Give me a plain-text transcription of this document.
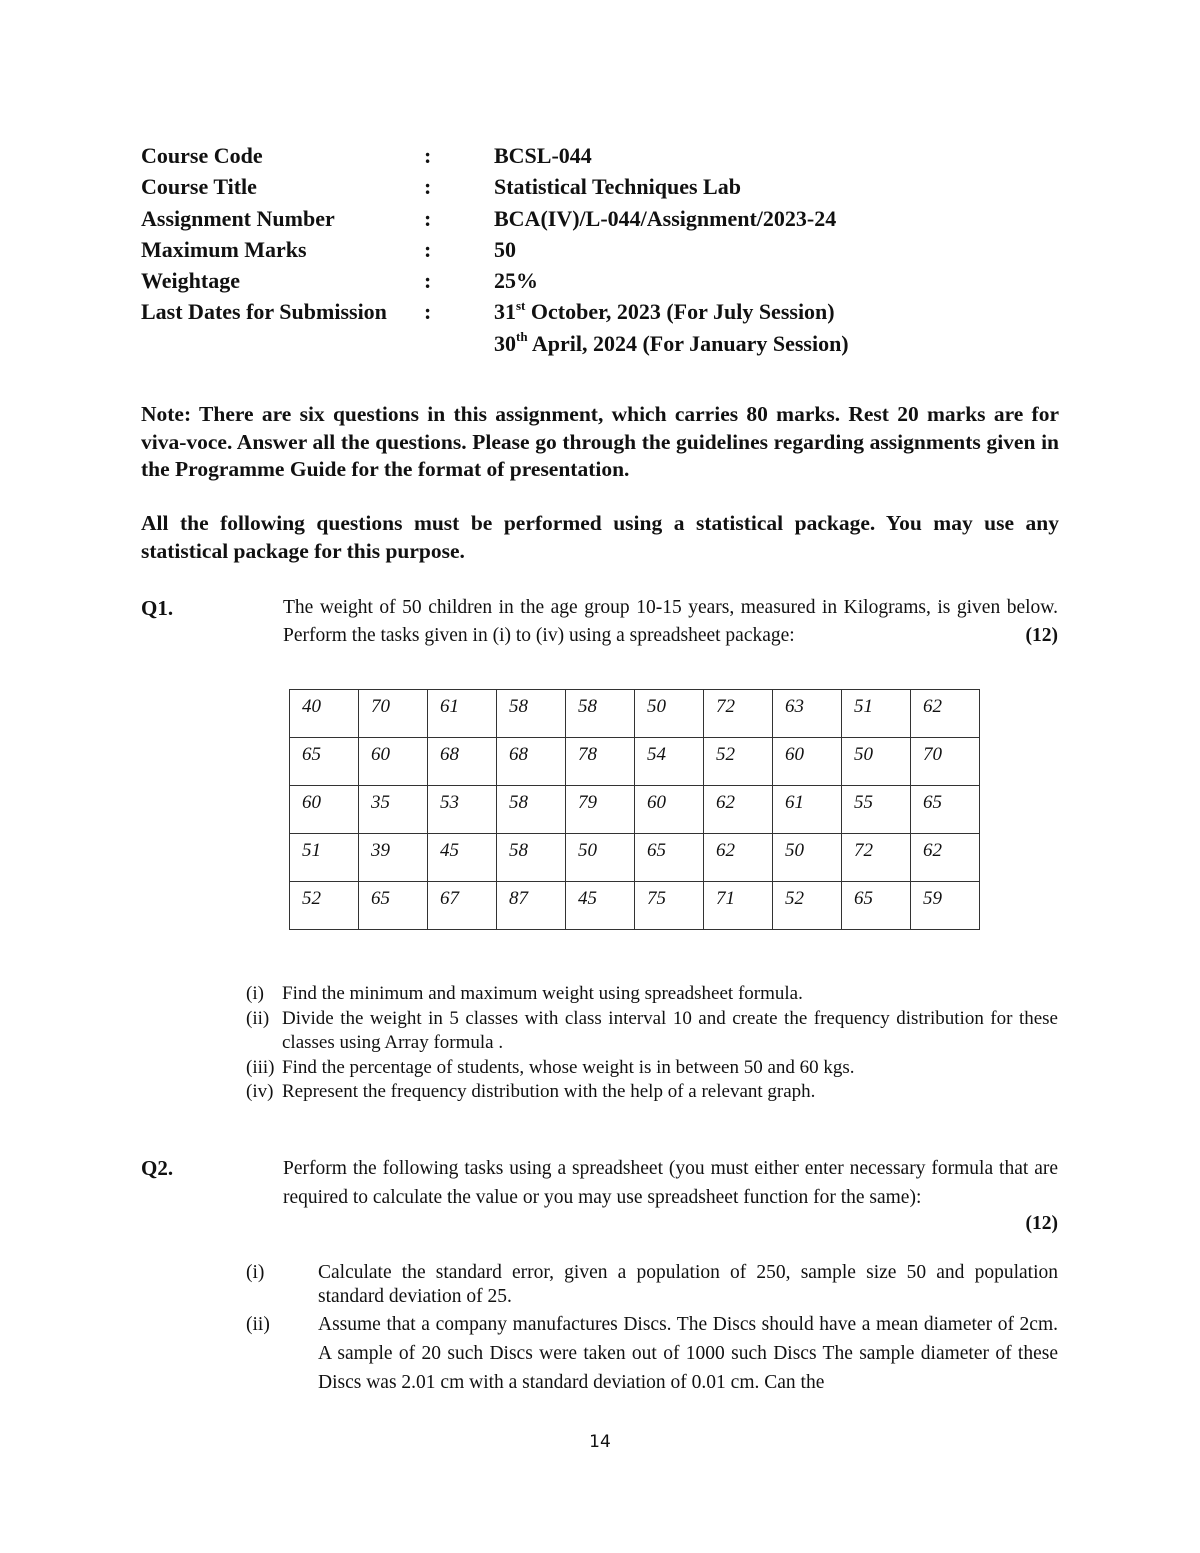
Course Code	:	BCSL-044
Course Title	:	Statistical Techniques Lab
Assignment Number	:	BCA(IV)/L-044/Assignment/2023-24
Maximum Marks	:	50
Weightage	:	25%
Last Dates for Submission :	31st October, 2023 (For July Session)
30th April, 2024 (For January Session)
Note: There are six questions in this assignment, which carries 80 marks. Rest 20 marks are for viva-voce. Answer all the questions. Please go through the guidelines regarding assignments given in the Programme Guide for the format of presentation.
All the following questions must be performed using a statistical package. You may use any statistical package for this purpose.
Q1.	The weight of 50 children in the age group 10-15 years, measured in Kilograms, is given below. Perform the tasks given in (i) to (iv) using a spreadsheet package:	(12)
40	70	61	58	58	50	72	63	51	62
65	60	68	68	78	54	52	60	50	70
60	35	53	58	79	60	62	61	55	65
51	39	45	58	50	65	62	50	72	62
52	65	67	87	45	75	71	52	65	59
(i) Find the minimum and maximum weight using spreadsheet formula.
(ii) Divide the weight in 5 classes with class interval 10 and create the frequency distribution for these classes using Array formula .
(iii) Find the percentage of students, whose weight is in between 50 and 60 kgs.
(iv) Represent the frequency distribution with the help of a relevant graph.
Q2.	Perform the following tasks using a spreadsheet (you must either enter necessary formula that are required to calculate the value or you may use spreadsheet function for the same):
(12)
(i)	Calculate the standard error, given a population of 250, sample size 50 and population standard deviation of 25.
(ii) Assume that a company manufactures Discs. The Discs should have a mean diameter of 2cm. A sample of 20 such Discs were taken out of 1000 such Discs The sample diameter of these Discs was 2.01 cm with a standard deviation of 0.01 cm. Can the
14
